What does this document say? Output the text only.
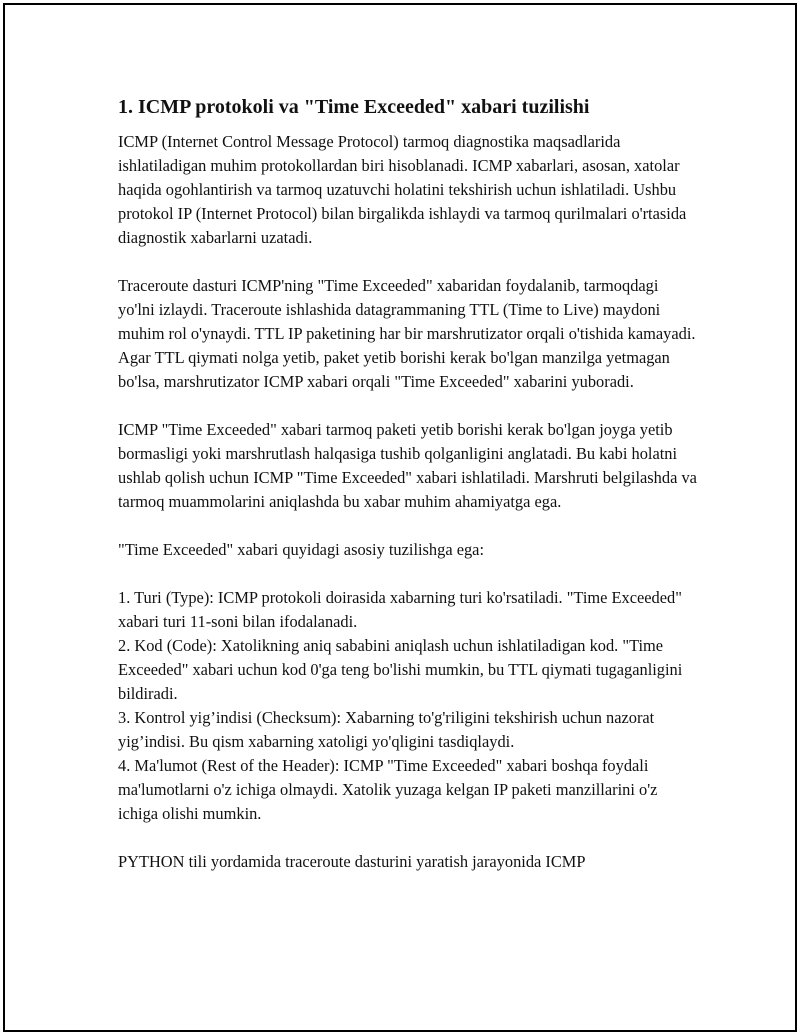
1. ICMP protokoli va "Time Exceeded" xabari tuzilishi

ICMP (Internet Control Message Protocol) tarmoq diagnostika maqsadlarida ishlatiladigan muhim protokollardan biri hisoblanadi. ICMP xabarlari, asosan, xatolar haqida ogohlantirish va tarmoq uzatuvchi holatini tekshirish uchun ishlatiladi. Ushbu protokol IP (Internet Protocol) bilan birgalikda ishlaydi va tarmoq qurilmalari o'rtasida diagnostik xabarlarni uzatadi.

Traceroute dasturi ICMP'ning "Time Exceeded" xabaridan foydalanib, tarmoqdagi yo'lni izlaydi. Traceroute ishlashida datagrammaning TTL (Time to Live) maydoni muhim rol o'ynaydi. TTL IP paketining har bir marshrutizator orqali o'tishida kamayadi. Agar TTL qiymati nolga yetib, paket yetib borishi kerak bo'lgan manzilga yetmagan bo'lsa, marshrutizator ICMP xabari orqali "Time Exceeded" xabarini yuboradi.

ICMP "Time Exceeded" xabari tarmoq paketi yetib borishi kerak bo'lgan joyga yetib bormasligi yoki marshrutlash halqasiga tushib qolganligini anglatadi. Bu kabi holatni ushlab qolish uchun ICMP "Time Exceeded" xabari ishlatiladi. Marshruti belgilashda va tarmoq muammolarini aniqlashda bu xabar muhim ahamiyatga ega.

"Time Exceeded" xabari quyidagi asosiy tuzilishga ega:

1. Turi (Type): ICMP protokoli doirasida xabarning turi ko'rsatiladi. "Time Exceeded" xabari turi 11-soni bilan ifodalanadi.
2. Kod (Code): Xatolikning aniq sababini aniqlash uchun ishlatiladigan kod. "Time Exceeded" xabari uchun kod 0'ga teng bo'lishi mumkin, bu TTL qiymati tugaganligini bildiradi.
3. Kontrol yig’indisi (Checksum): Xabarning to'g'riligini tekshirish uchun nazorat yig’indisi. Bu qism xabarning xatoligi yo'qligini tasdiqlaydi.
4. Ma'lumot (Rest of the Header): ICMP "Time Exceeded" xabari boshqa foydali ma'lumotlarni o'z ichiga olmaydi. Xatolik yuzaga kelgan IP paketi manzillarini o'z ichiga olishi mumkin.
PYTHON tili yordamida traceroute dasturini yaratish jarayonida ICMP
